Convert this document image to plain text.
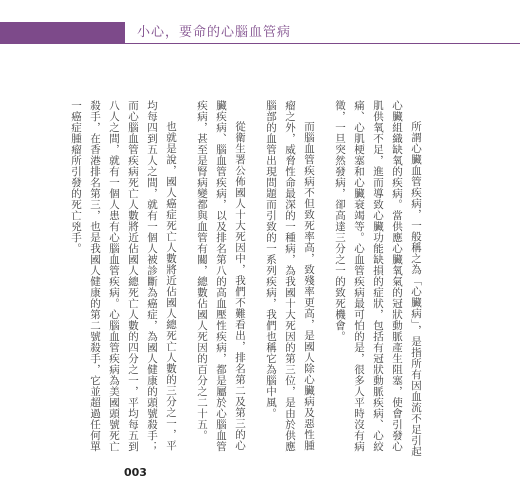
小心，要命的心腦血管病

所謂心臟血管疾病，一般稱之為「心臟病」，是指所有因血流不足引起心臟組織缺氧的疾病。當供應心臟氧氣的冠狀動脈產生阻塞，使會引發心肌供氧不足，進而導致心臟功能缺損的症狀，包括有冠狀動脈疾病、心絞痛、心肌梗塞和心臟衰竭等。心血管疾病最可怕的是，很多人平時沒有病徵，一旦突然發病，卻高達三分之一的致死機會。

而腦血管疾病不但致死率高，致殘率更高，是國人除心臟病及惡性腫瘤之外，威脅性命最深的一種病，為我國十大死因的第三位，是由於供應腦部的血管出現問題而引致的一系列疾病，我們也稱它為腦中風。

從衛生署公佈國人十大死因中，我們不難看出，排名第二及第三的心臟疾病、腦血管疾病，以及排名第八的高血壓性疾病，都是屬於心腦血管疾病，甚至是腎病變都與血管有關，總數佔國人死因的百分之二十五。

也就是說，國人癌症死亡人數將近佔國人總死亡人數的三分之一，平均每四到五人之間，就有一個人被診斷為癌症，為國人健康的頭號殺手；而心腦血管疾病死亡人數將近佔國人總死亡人數的四分之一，平均每五到八人之間，就有一個人患有心腦血管疾病。心腦血管疾病為美國頭號死亡殺手，在香港排名第三，也是我國人健康的第二號殺手，它並超過任何單一癌症腫瘤所引發的死亡兇手。

003
